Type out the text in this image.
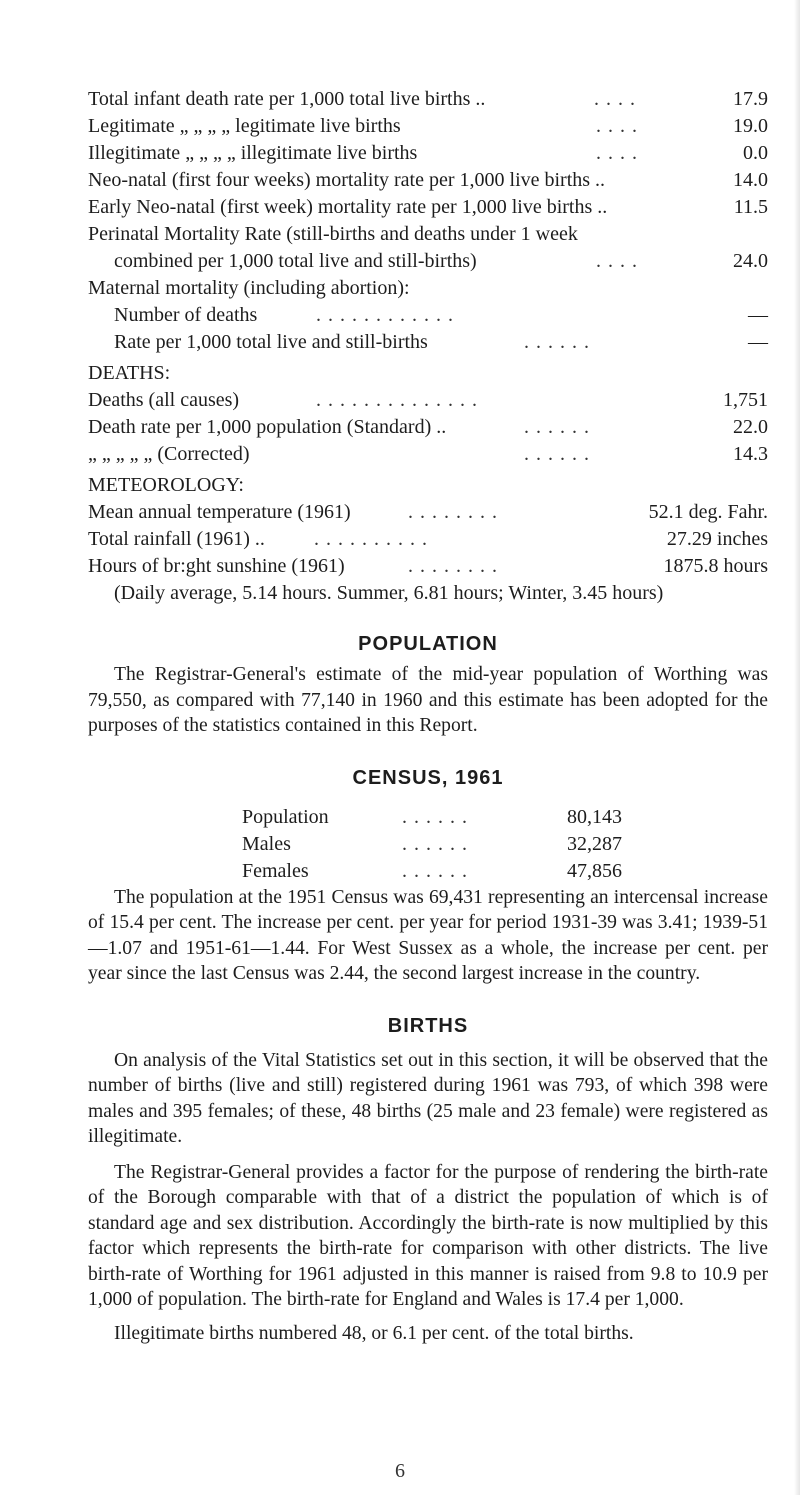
Total infant death rate per 1,000 total live births ..	. . . .	17.9
Legitimate „ „ „ „ legitimate live births	. . . .	19.0
Illegitimate „ „ „ „ illegitimate live births	. . . .	0.0
Neo-natal (first four weeks) mortality rate per 1,000 live births ..	14.0
Early Neo-natal (first week) mortality rate per 1,000 live births ..	11.5
Perinatal Mortality Rate (still-births and deaths under 1 week
combined per 1,000 total live and still-births)	. . . .	24.0
Maternal mortality (including abortion):
Number of deaths	. . . . . . . . . . . .	—
Rate per 1,000 total live and still-births	. . . . . .	—
DEATHS:
Deaths (all causes)	. . . . . . . . . . . . . .	1,751
Death rate per 1,000 population (Standard) ..	. . . . . .	22.0
„ „ „ „ „ (Corrected)	. . . . . .	14.3
METEOROLOGY:
Mean annual temperature (1961)	. . . . . . . .	52.1 deg. Fahr.
Total rainfall (1961) .. . . . . . . . . . .	27.29 inches
Hours of br:ght sunshine (1961)	. . . . . . . .	1875.8 hours
(Daily average, 5.14 hours. Summer, 6.81 hours; Winter, 3.45 hours)
POPULATION

The Registrar-General's estimate of the mid-year population of Worthing was 79,550, as compared with 77,140 in 1960 and this estimate has been adopted for the purposes of the statistics contained in this Report.

CENSUS, 1961
Population	. . . . . .	80,143
Males	. . . . . .	32,287
Females	. . . . . .	47,856

The population at the 1951 Census was 69,431 representing an intercensal increase of 15.4 per cent. The increase per cent. per year for period 1931-39 was 3.41; 1939-51—1.07 and 1951-61—1.44. For West Sussex as a whole, the increase per cent. per year since the last Census was 2.44, the second largest increase in the country.

BIRTHS

On analysis of the Vital Statistics set out in this section, it will be observed that the number of births (live and still) registered during 1961 was 793, of which 398 were males and 395 females; of these, 48 births (25 male and 23 female) were registered as illegitimate.

The Registrar-General provides a factor for the purpose of rendering the birth-rate of the Borough comparable with that of a district the population of which is of standard age and sex distribution. Accordingly the birth-rate is now multiplied by this factor which represents the birth-rate for comparison with other districts. The live birth-rate of Worthing for 1961 adjusted in this manner is raised from 9.8 to 10.9 per 1,000 of population. The birth-rate for England and Wales is 17.4 per 1,000.

Illegitimate births numbered 48, or 6.1 per cent. of the total births.

6
